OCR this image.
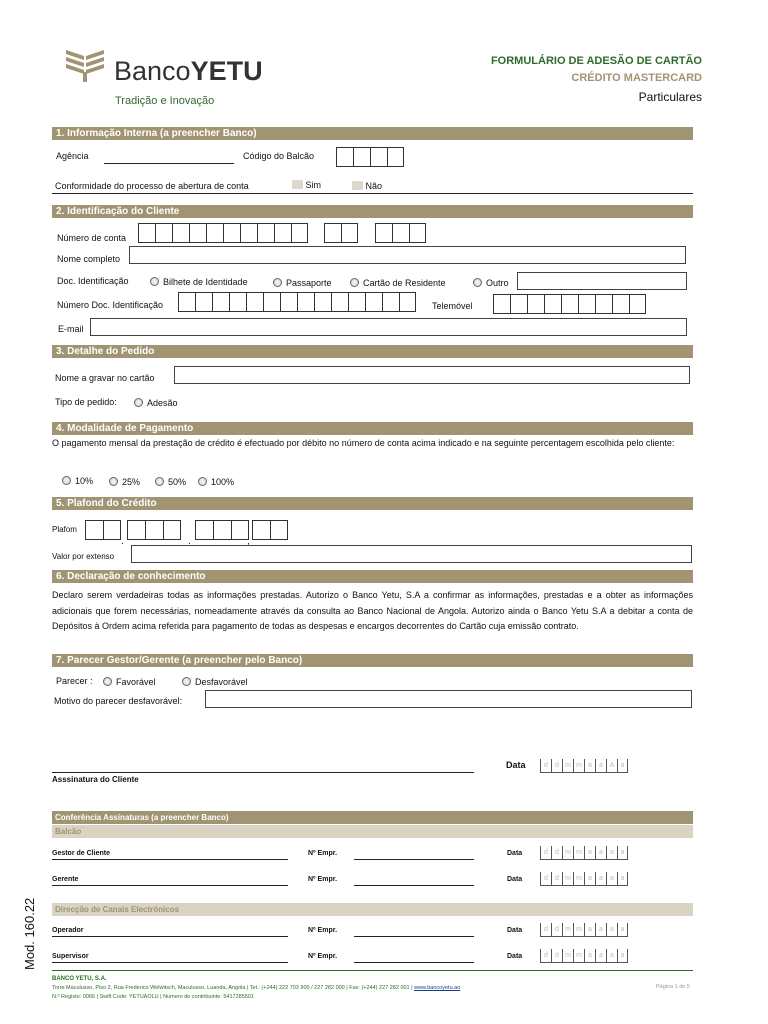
BancoYETU
Tradição e Inovação
FORMULÁRIO DE ADESÃO DE CARTÃO
CRÉDITO MASTERCARD
Particulares
1. Informação Interna (a preencher Banco)
Agência	Código do Balcão
Conformidade do processo de abertura de conta	Sim	Não
2. Identificação do Cliente
Número de conta
Nome completo
Doc. Identificação	Bilhete de Identidade	Passaporte	Cartão de Residente	Outro
Número Doc. Identificação	Telemóvel
E-mail
3. Detalhe do Pedido
Nome a gravar no cartão
Tipo de pedido:	Adesão
4. Modalidade de Pagamento
O pagamento mensal da prestação de crédito é efectuado por débito no número de conta acima indicado e na seguinte percentagem escolhida pelo cliente:
10%	25%	50%	100%
5. Plafond do Crédito
Plafom
.	.	,
Valor por extenso
6. Declaração de conhecimento
Declaro serem verdadeiras todas as informações prestadas. Autorizo o Banco Yetu, S.A a confirmar as informações, prestadas e a obter as informações adicionais que forem necessárias, nomeadamente através da consulta ao Banco Nacional de Angola. Autorizo ainda o Banco Yetu S.A a debitar a conta de Depósitos à Ordem acima referida para pagamento de todas as despesas e encargos decorrentes do Cartão cuja emissão contrato.
7. Parecer Gestor/Gerente (a preencher pelo Banco)
Parecer :	Favorável	Desfavorável
Motivo do parecer desfavorável:
Data	d	d m m a	a A a
Asssinatura do Cliente
Conferência Assinaturas (a preencher Banco)
Balcão
Gestor de Cliente	Nº Empr.	Data	d	d m m a	a	a a
Gerente	Nº Empr.	Data	d	d m m a	a	a a
Direcção de Canais Electrónicos
Operador	Nº Empr.	Data	d	d m m a	a	a a
Supervisor	Nº Empr.	Data	d	d m m a	a	a a
Mod. 160.22
BANCO YETU, S.A.
Torre Maculusso, Piso 2, Rua Frederico Welwitsch, Maculusso, Luanda, Angola | Tel.: (+244) 222 703 900 / 227 282 000 | Fax: (+244) 227 282 001 | www.bancoyetu.ao
N.º Registo: 0066 | Swift Code: YETUAOLU | Numero de contribuinte: 5417285501
Página 1 de 5
